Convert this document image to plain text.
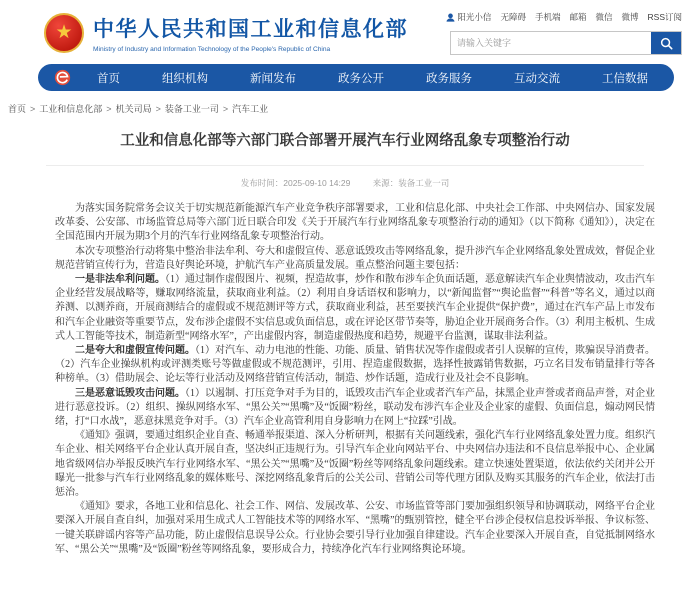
★ 中华人民共和国工业和信息化部
Ministry of Industry and Information Technology of the People's Republic of China
阳光小信 无障碍 手机端 邮箱 微信 微博 RSS订阅
请输入关键字
首页	组织机构	新闻发布	政务公开	政务服务	互动交流	工信数据
首页 > 工业和信息化部 > 机关司局 > 装备工业一司 > 汽车工业
工业和信息化部等六部门联合部署开展汽车行业网络乱象专项整治行动
发布时间：2025-09-10 14:29	来源：装备工业一司

为落实国务院常务会议关于切实规范新能源汽车产业竞争秩序部署要求，工业和信息化部、中央社会工作部、中央网信办、国家发展改革委、公安部、市场监管总局等六部门近日联合印发《关于开展汽车行业网络乱象专项整治行动的通知》（以下简称《通知》），决定在全国范围内开展为期3个月的汽车行业网络乱象专项整治行动。

本次专项整治行动将集中整治非法牟利、夸大和虚假宣传、恶意诋毁攻击等网络乱象，提升涉汽车企业网络乱象处置成效，督促企业规范营销宣传行为，营造良好舆论环境，护航汽车产业高质量发展。重点整治问题主要包括：

一是非法牟利问题。（1）通过制作虚假图片、视频，捏造故事，炒作和散布涉车企负面话题，恶意解读汽车企业舆情波动，攻击汽车企业经营发展战略等，赚取网络流量，获取商业利益。（2）利用自身话语权和影响力，以“新闻监督”“舆论监督”“科普”等名义，通过以商养测、以测养商，开展商测结合的虚假或不规范测评等方式，获取商业利益，甚至要挟汽车企业提供“保护费”，通过在汽车产品上市发布和汽车企业融资等重要节点，发布涉企虚假不实信息或负面信息，或在评论区带节奏等，胁迫企业开展商务合作。（3）利用主板机、生成式人工智能等技术，制造新型“网络水军”，产出虚假内容，制造虚假热度和趋势，规避平台监测，谋取非法利益。

二是夸大和虚假宣传问题。（1）对汽车、动力电池的性能、功能、质量、销售状况等作虚假或者引人误解的宣传，欺骗误导消费者。（2）汽车企业操纵机构或评测类账号等做虚假或不规范测评，引用、捏造虚假数据，选择性披露销售数据，巧立名目发布销量排行等各种榜单。（3）借助展会、论坛等行业活动及网络营销宣传活动，制造、炒作话题，造成行业及社会不良影响。

三是恶意诋毁攻击问题。（1）以遏制、打压竞争对手为目的，诋毁攻击汽车企业或者汽车产品，抹黑企业声誉或者商品声誉，对企业进行恶意投诉。（2）组织、操纵网络水军、“黑公关”“黑嘴”及“饭圈”粉丝，联动发布涉汽车企业及企业家的虚假、负面信息，煽动网民情绪，打“口水战”，恶意抹黑竞争对手。（3）汽车企业高管利用自身影响力在网上“拉踩”引战。

《通知》强调，要通过组织企业自查、畅通举报渠道、深入分析研判，根据有关问题线索，强化汽车行业网络乱象处置力度。组织汽车企业、相关网络平台企业认真开展自查，坚决纠正违规行为。引导汽车企业向网站平台、中央网信办违法和不良信息举报中心、企业属地省级网信办举报反映汽车行业网络水军、“黑公关”“黑嘴”及“饭圈”粉丝等网络乱象问题线索。建立快速处置渠道，依法依约关闭并公开曝光一批参与汽车行业网络乱象的媒体账号、深挖网络乱象背后的公关公司、营销公司等代理方团队及购买其服务的汽车企业，依法打击惩治。

《通知》要求，各地工业和信息化、社会工作、网信、发展改革、公安、市场监管等部门要加强组织领导和协调联动，网络平台企业要深入开展自查自纠，加强对采用生成式人工智能技术等的网络水军、“黑嘴”的甄别管控，健全平台涉企侵权信息投诉举报、争议标签、一键关联辟谣内容等产品功能，防止虚假信息误导公众。行业协会要引导行业加强自律建设。汽车企业要深入开展自查，自觉抵制网络水军、“黑公关”“黑嘴”及“饭圈”粉丝等网络乱象，要形成合力，持续净化汽车行业网络舆论环境。
